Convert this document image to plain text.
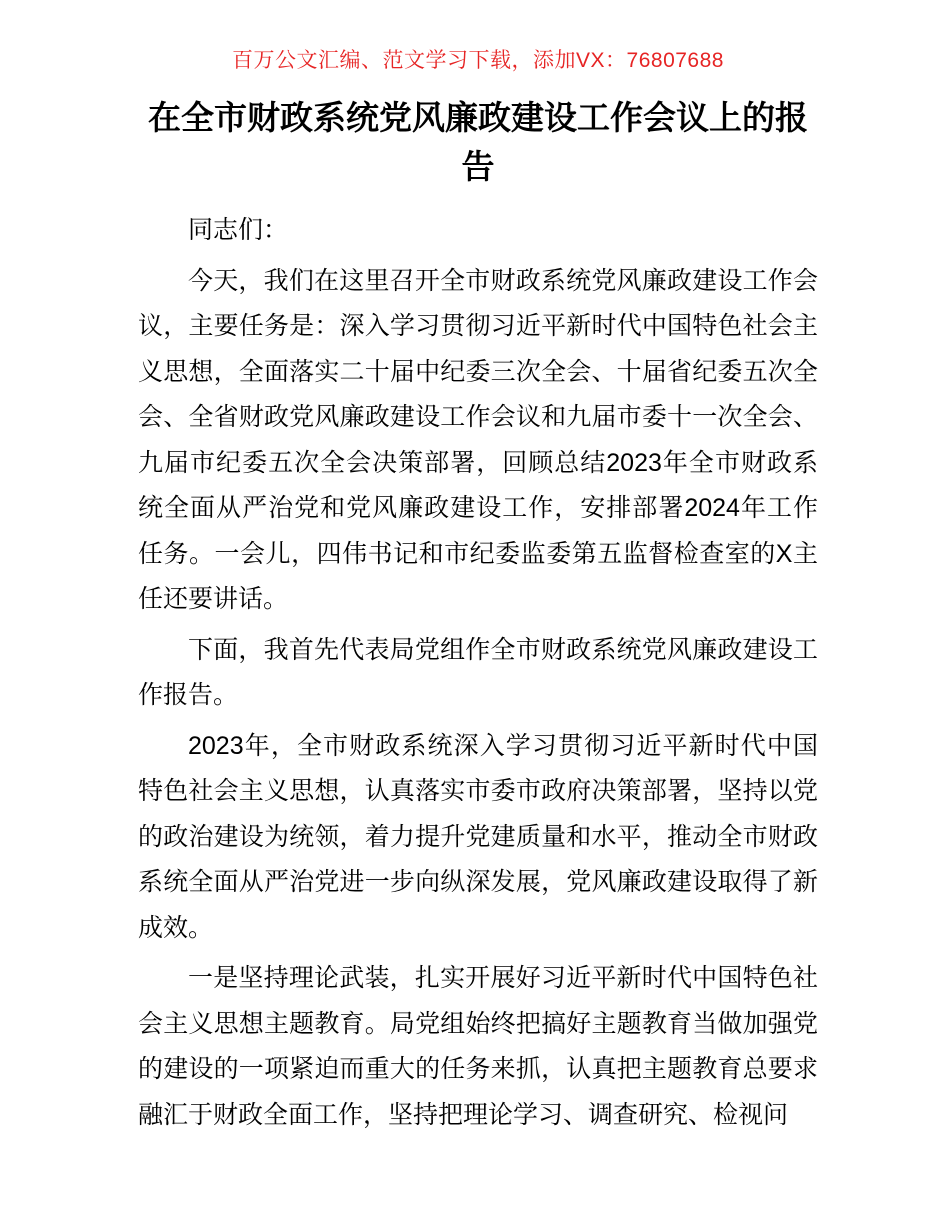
百万公文汇编、范文学习下载，添加VX：76807688
在全市财政系统党风廉政建设工作会议上的报告

同志们：

今天，我们在这里召开全市财政系统党风廉政建设工作会议，主要任务是：深入学习贯彻习近平新时代中国特色社会主义思想，全面落实二十届中纪委三次全会、十届省纪委五次全会、全省财政党风廉政建设工作会议和九届市委十一次全会、九届市纪委五次全会决策部署，回顾总结2023年全市财政系统全面从严治党和党风廉政建设工作，安排部署2024年工作任务。一会儿，四伟书记和市纪委监委第五监督检查室的X主任还要讲话。

下面，我首先代表局党组作全市财政系统党风廉政建设工作报告。

2023年，全市财政系统深入学习贯彻习近平新时代中国特色社会主义思想，认真落实市委市政府决策部署，坚持以党的政治建设为统领，着力提升党建质量和水平，推动全市财政系统全面从严治党进一步向纵深发展，党风廉政建设取得了新成效。

一是坚持理论武装，扎实开展好习近平新时代中国特色社会主义思想主题教育。局党组始终把搞好主题教育当做加强党的建设的一项紧迫而重大的任务来抓，认真把主题教育总要求融汇于财政全面工作，坚持把理论学习、调查研究、检视问
